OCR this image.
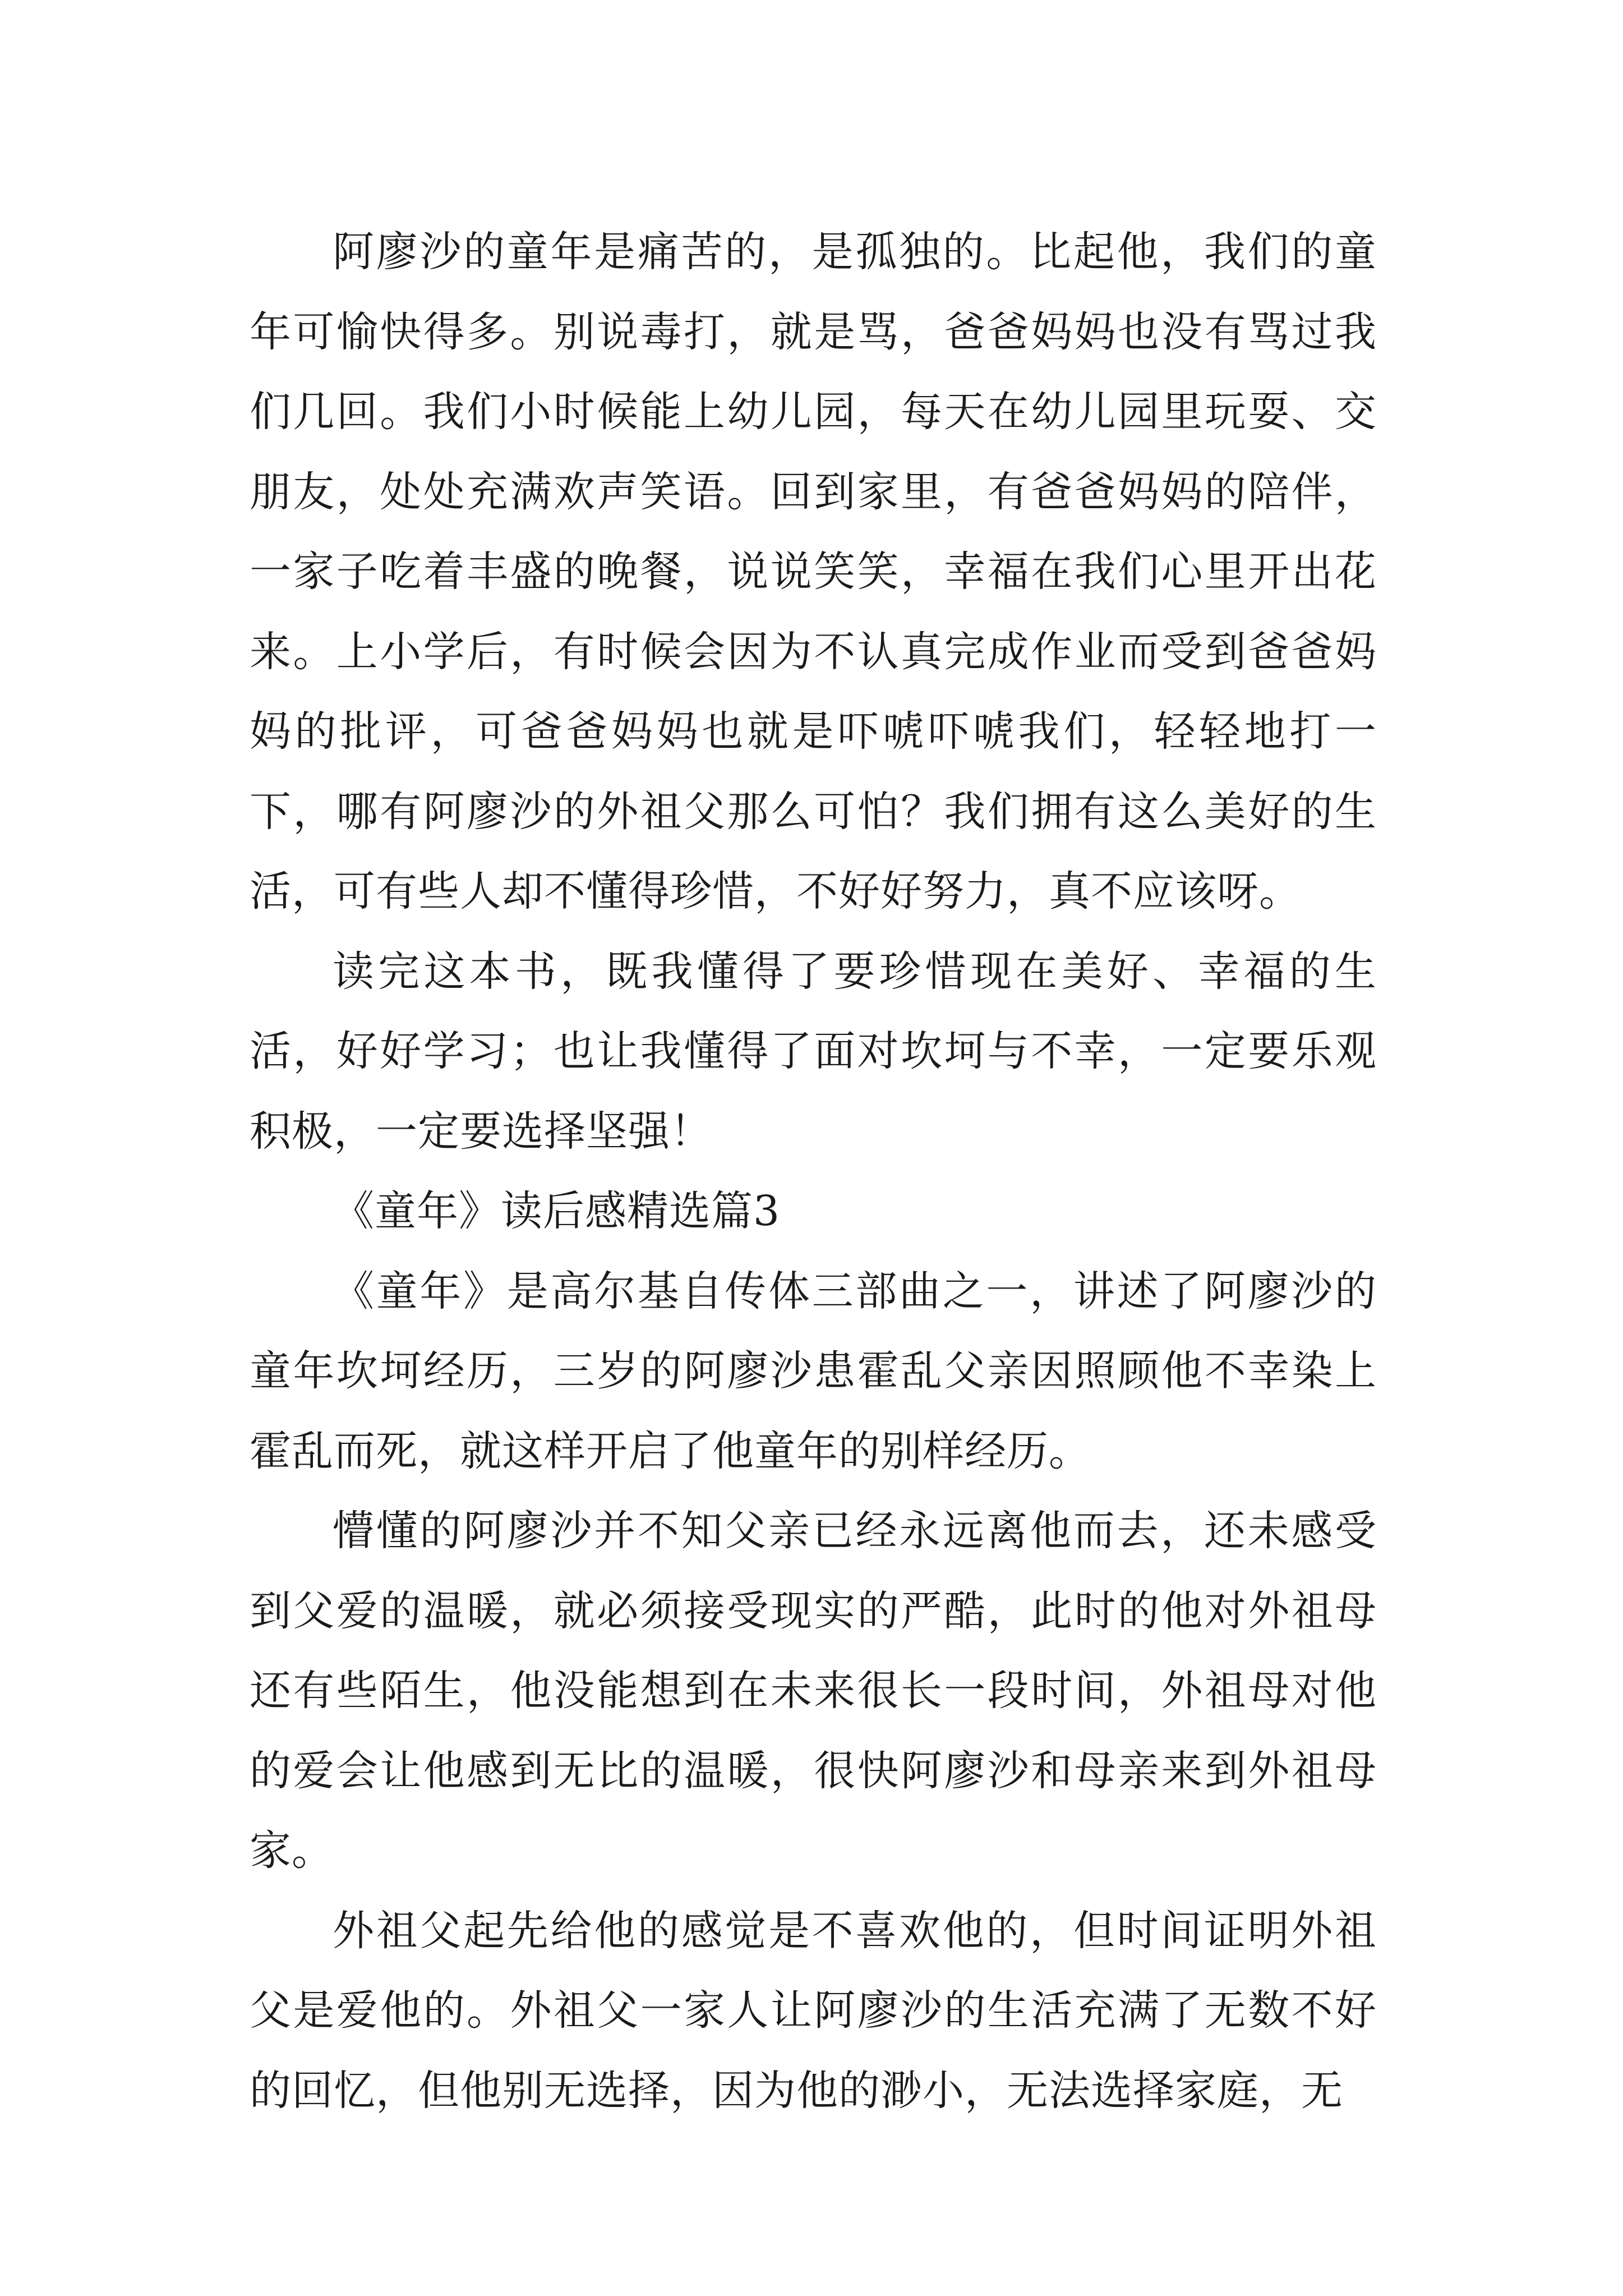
阿廖沙的童年是痛苦的，是孤独的。比起他，我们的童年可愉快得多。别说毒打，就是骂，爸爸妈妈也没有骂过我们几回。我们小时候能上幼儿园，每天在幼儿园里玩耍、交朋友，处处充满欢声笑语。回到家里，有爸爸妈妈的陪伴，一家子吃着丰盛的晚餐，说说笑笑，幸福在我们心里开出花来。上小学后，有时候会因为不认真完成作业而受到爸爸妈妈的批评，可爸爸妈妈也就是吓唬吓唬我们，轻轻地打一下，哪有阿廖沙的外祖父那么可怕？我们拥有这么美好的生活，可有些人却不懂得珍惜，不好好努力，真不应该呀。

读完这本书，既我懂得了要珍惜现在美好、幸福的生活，好好学习；也让我懂得了面对坎坷与不幸，一定要乐观积极，一定要选择坚强！

《童年》读后感精选篇3

《童年》是高尔基自传体三部曲之一，讲述了阿廖沙的童年坎坷经历，三岁的阿廖沙患霍乱父亲因照顾他不幸染上霍乱而死，就这样开启了他童年的别样经历。

懵懂的阿廖沙并不知父亲已经永远离他而去，还未感受到父爱的温暖，就必须接受现实的严酷，此时的他对外祖母还有些陌生，他没能想到在未来很长一段时间，外祖母对他的爱会让他感到无比的温暖，很快阿廖沙和母亲来到外祖母家。

外祖父起先给他的感觉是不喜欢他的，但时间证明外祖父是爱他的。外祖父一家人让阿廖沙的生活充满了无数不好的回忆，但他别无选择，因为他的渺小，无法选择家庭，无
